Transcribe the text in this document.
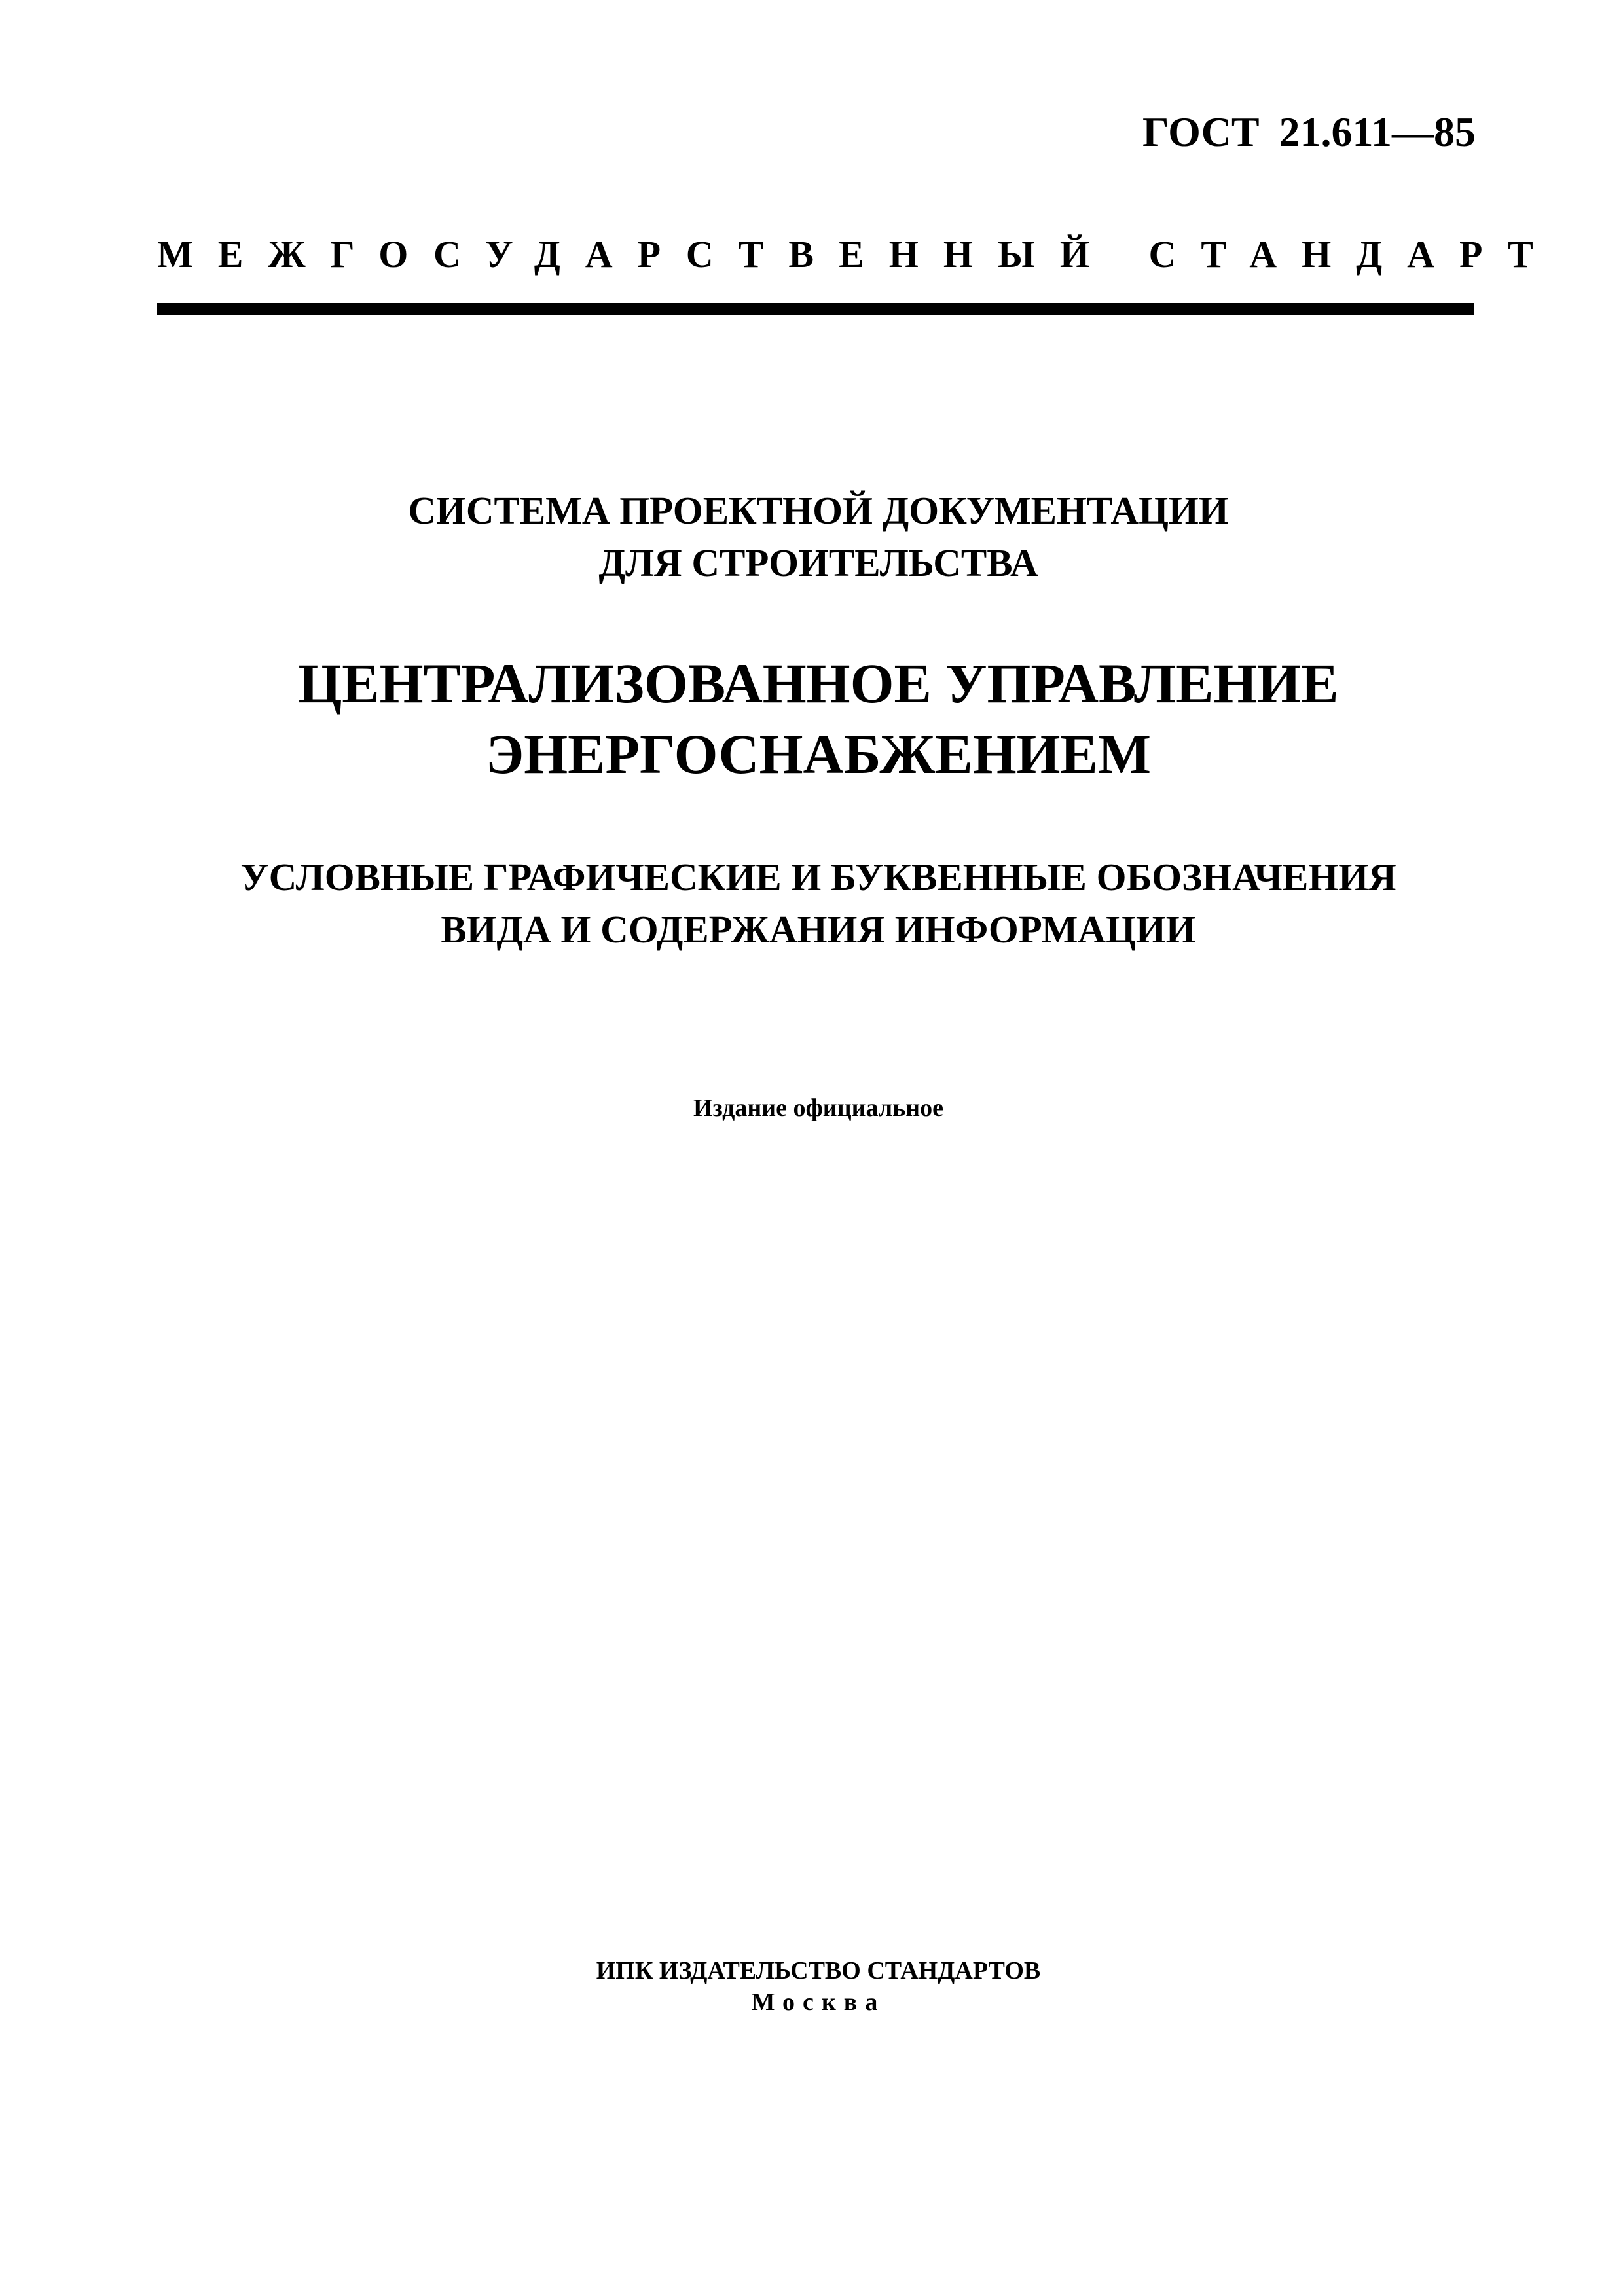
ГОСТ 21.611—85
МЕЖГОСУДАРСТВЕННЫЙ СТАНДАРТ
СИСТЕМА ПРОЕКТНОЙ ДОКУМЕНТАЦИИ
ДЛЯ СТРОИТЕЛЬСТВА
ЦЕНТРАЛИЗОВАННОЕ УПРАВЛЕНИЕ
ЭНЕРГОСНАБЖЕНИЕМ
УСЛОВНЫЕ ГРАФИЧЕСКИЕ И БУКВЕННЫЕ ОБОЗНАЧЕНИЯ
ВИДА И СОДЕРЖАНИЯ ИНФОРМАЦИИ
Издание официальное
ИПК ИЗДАТЕЛЬСТВО СТАНДАРТОВ
Москва
